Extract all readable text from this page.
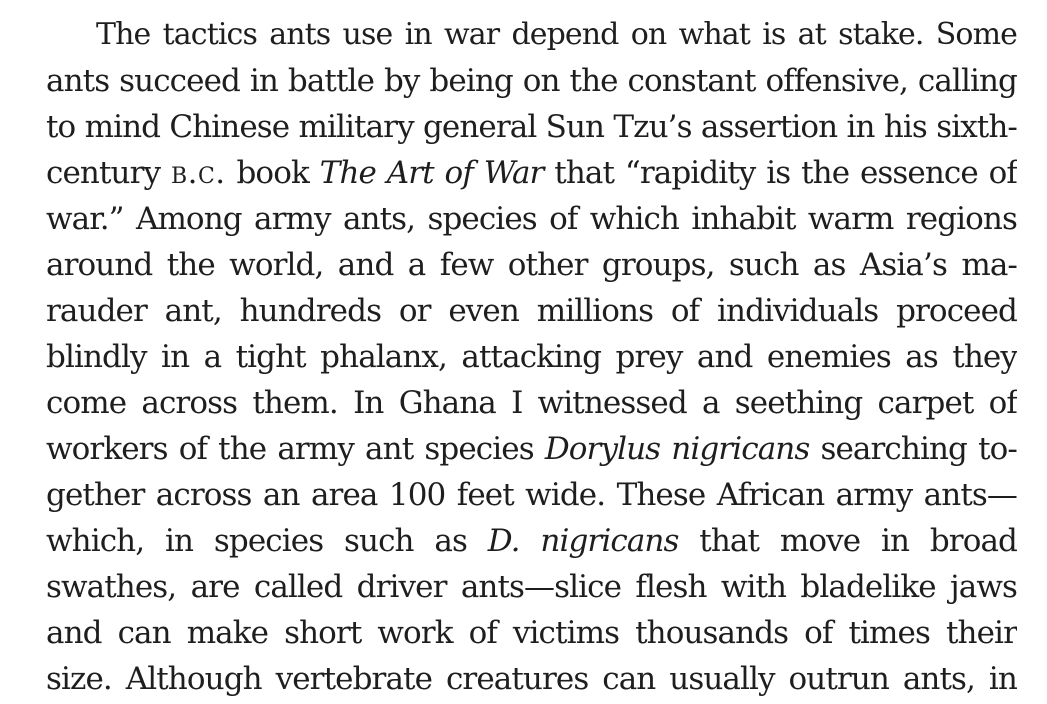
The tactics ants use in war depend on what is at stake. Some
ants succeed in battle by being on the constant offensive, calling
to mind Chinese military general Sun Tzu’s assertion in his sixth-
century b.c. book The Art of War that “rapidity is the essence of
war.” Among army ants, species of which inhabit warm regions
around the world, and a few other groups, such as Asia’s ma-
rauder ant, hundreds or even millions of individuals proceed
blindly in a tight phalanx, attacking prey and enemies as they
come across them. In Ghana I witnessed a seething carpet of
workers of the army ant species Dorylus nigricans searching to-
gether across an area 100 feet wide. These African army ants—
which, in species such as D. nigricans that move in broad
swathes, are called driver ants—slice flesh with bladelike jaws
and can make short work of victims thousands of times their
size. Although vertebrate creatures can usually outrun ants, in
